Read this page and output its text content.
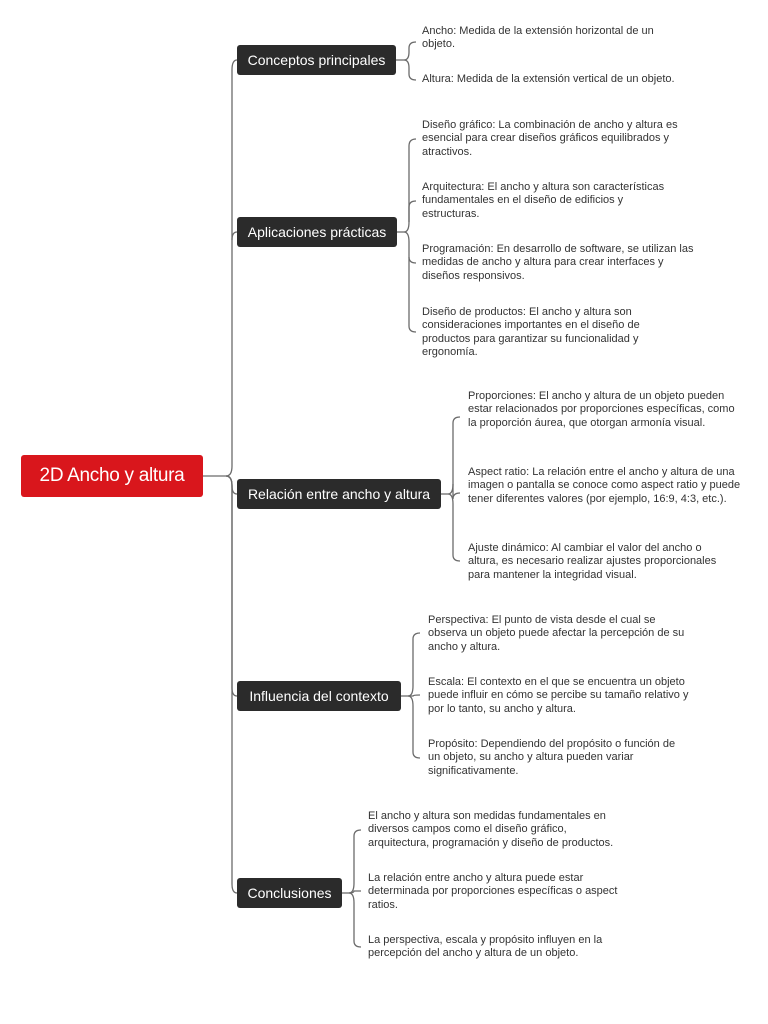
2D Ancho y altura
Conceptos principales
Ancho: Medida de la extensión horizontal de un objeto.
Altura: Medida de la extensión vertical de un objeto.
Aplicaciones prácticas
Diseño gráfico: La combinación de ancho y altura es esencial para crear diseños gráficos equilibrados y atractivos.
Arquitectura: El ancho y altura son características fundamentales en el diseño de edificios y estructuras.
Programación: En desarrollo de software, se utilizan las medidas de ancho y altura para crear interfaces y diseños responsivos.
Diseño de productos: El ancho y altura son consideraciones importantes en el diseño de productos para garantizar su funcionalidad y ergonomía.
Relación entre ancho y altura
Proporciones: El ancho y altura de un objeto pueden estar relacionados por proporciones específicas, como la proporción áurea, que otorgan armonía visual.
Aspect ratio: La relación entre el ancho y altura de una imagen o pantalla se conoce como aspect ratio y puede tener diferentes valores (por ejemplo, 16:9, 4:3, etc.).
Ajuste dinámico: Al cambiar el valor del ancho o altura, es necesario realizar ajustes proporcionales para mantener la integridad visual.
Influencia del contexto
Perspectiva: El punto de vista desde el cual se observa un objeto puede afectar la percepción de su ancho y altura.
Escala: El contexto en el que se encuentra un objeto puede influir en cómo se percibe su tamaño relativo y por lo tanto, su ancho y altura.
Propósito: Dependiendo del propósito o función de un objeto, su ancho y altura pueden variar significativamente.
Conclusiones
El ancho y altura son medidas fundamentales en diversos campos como el diseño gráfico, arquitectura, programación y diseño de productos.
La relación entre ancho y altura puede estar determinada por proporciones específicas o aspect ratios.
La perspectiva, escala y propósito influyen en la percepción del ancho y altura de un objeto.
